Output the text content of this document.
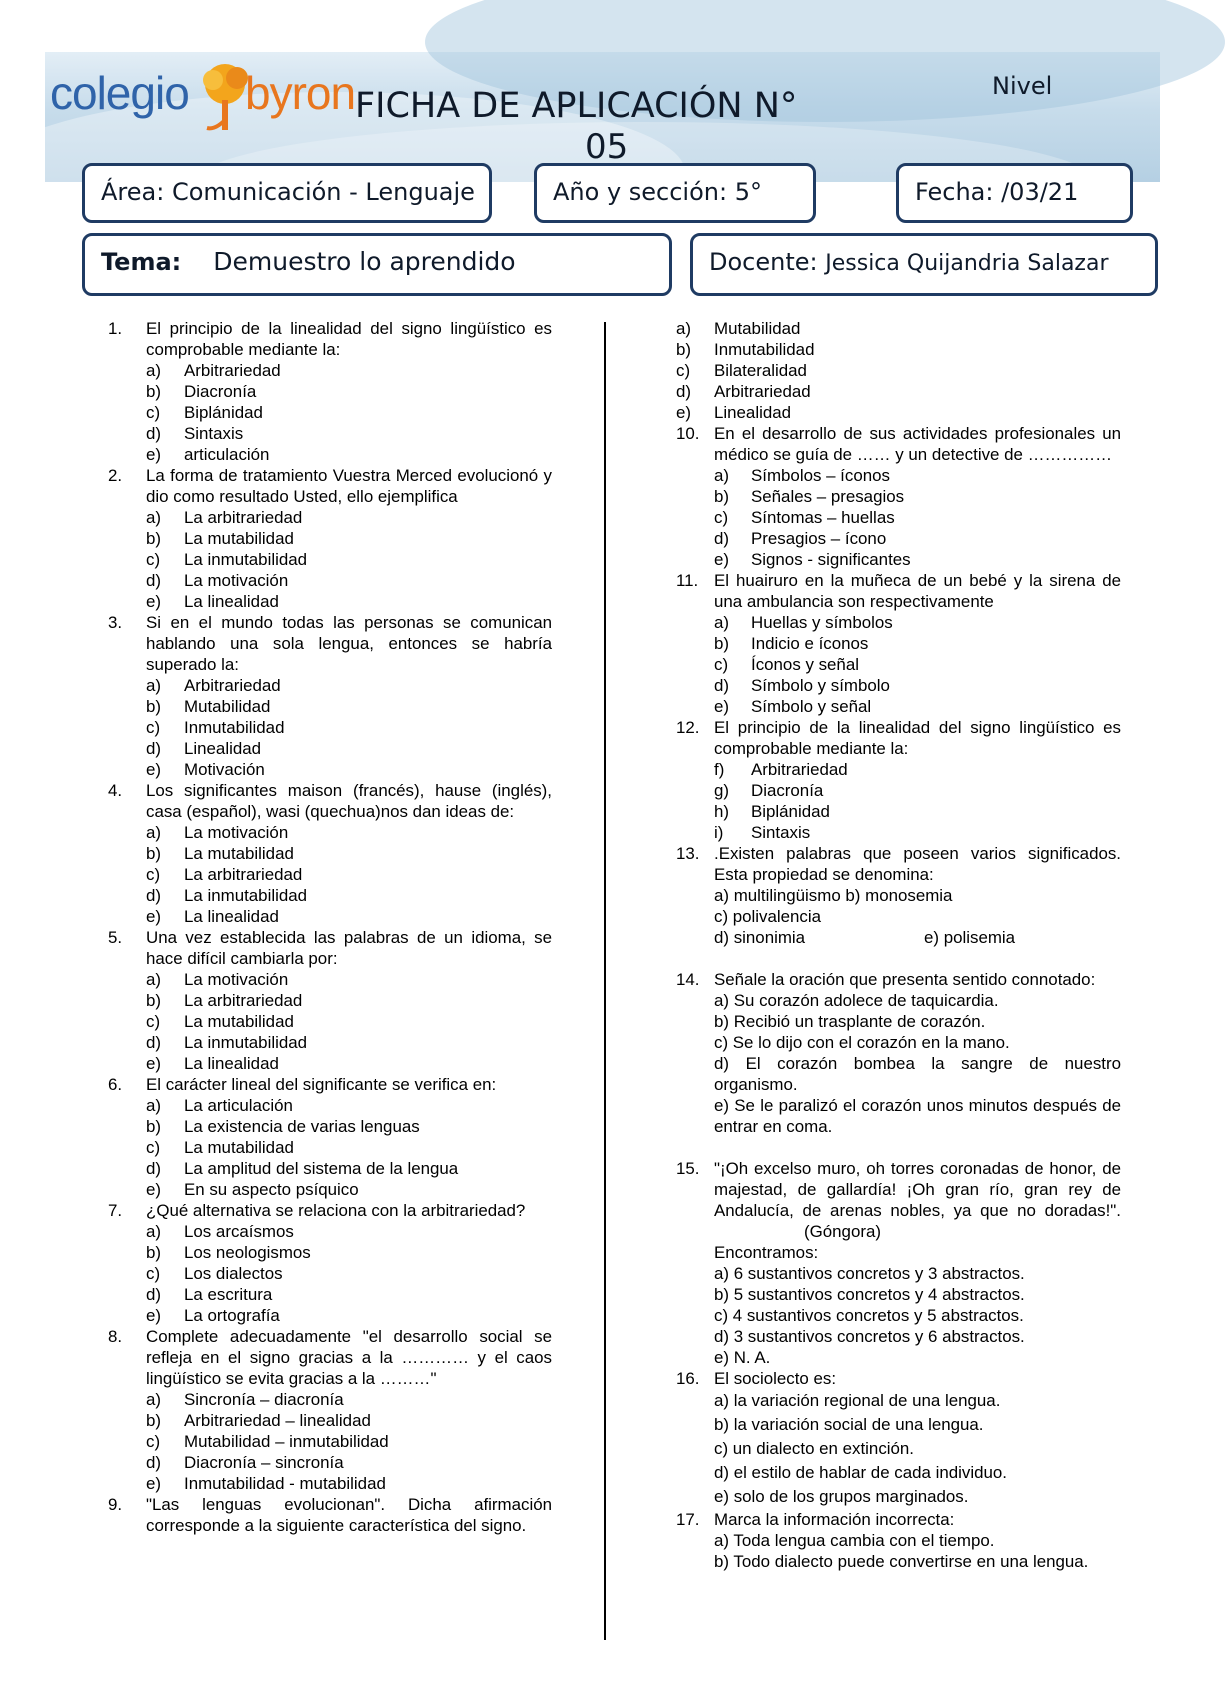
colegio byron FICHA DE APLICACIÓN N°	Nivel
Área: Comunicación - Lenguaje	Año y sección: 5°	Fecha: /03/21
Tema: Demuestro lo aprendido	Docente: Jessica Quijandria Salazar
1. El principio de la linealidad del signo lingüístico es comprobable mediante la:
a) Arbitrariedad
b) Diacronía
c) Biplánidad
d) Sintaxis
e) articulación
2. La forma de tratamiento Vuestra Merced evolucionó y dio como resultado Usted, ello ejemplifica
a) La arbitrariedad
b) La mutabilidad
c) La inmutabilidad
d) La motivación
e) La linealidad
3. Si en el mundo todas las personas se comunican hablando una sola lengua, entonces se habría superado la:
a) Arbitrariedad
b) Mutabilidad
c) Inmutabilidad
d) Linealidad
e) Motivación
4. Los significantes maison (francés), hause (inglés), casa (español), wasi (quechua)nos dan ideas de:
a) La motivación
b) La mutabilidad
c) La arbitrariedad
d) La inmutabilidad
e) La linealidad
5. Una vez establecida las palabras de un idioma, se hace difícil cambiarla por:
a) La motivación
b) La arbitrariedad
c) La mutabilidad
d) La inmutabilidad
e) La linealidad
6. El carácter lineal del significante se verifica en:
a) La articulación
b) La existencia de varias lenguas
c) La mutabilidad
d) La amplitud del sistema de la lengua
e) En su aspecto psíquico
7. ¿Qué alternativa se relaciona con la arbitrariedad?
a) Los arcaísmos
b) Los neologismos
c) Los dialectos
d) La escritura
e) La ortografía
8. Complete adecuadamente "el desarrollo social se refleja en el signo gracias a la ………… y el caos lingüístico se evita gracias a la ………"
a) Sincronía – diacronía
b) Arbitrariedad – linealidad
c) Mutabilidad – inmutabilidad
d) Diacronía – sincronía
e) Inmutabilidad - mutabilidad
9. "Las lenguas evolucionan". Dicha afirmación corresponde a la siguiente característica del signo.
a) Mutabilidad
b) Inmutabilidad
c) Bilateralidad
d) Arbitrariedad
e) Linealidad
10. En el desarrollo de sus actividades profesionales un médico se guía de …… y un detective de ……………
a) Símbolos – íconos
b) Señales – presagios
c) Síntomas – huellas
d) Presagios – ícono
e) Signos - significantes
11. El huairuro en la muñeca de un bebé y la sirena de una ambulancia son respectivamente
a) Huellas y símbolos
b) Indicio e íconos
c) Íconos y señal
d) Símbolo y símbolo
e) Símbolo y señal
12. El principio de la linealidad del signo lingüístico es comprobable mediante la:
f) Arbitrariedad
g) Diacronía
h) Biplánidad
i) Sintaxis
13. .Existen palabras que poseen varios significados. Esta propiedad se denomina:
a) multilingüismo b) monosemia
c) polivalencia
d) sinonimia	e) polisemia
14. Señale la oración que presenta sentido connotado:
a) Su corazón adolece de taquicardia.
b) Recibió un trasplante de corazón.
c) Se lo dijo con el corazón en la mano.
d) El corazón bombea la sangre de nuestro organismo.
e) Se le paralizó el corazón unos minutos después de entrar en coma.
15. "¡Oh excelso muro, oh torres coronadas de honor, de majestad, de gallardía! ¡Oh gran río, gran rey de Andalucía, de arenas nobles, ya que no doradas!".(Góngora)
Encontramos:
a) 6 sustantivos concretos y 3 abstractos.
b) 5 sustantivos concretos y 4 abstractos.
c) 4 sustantivos concretos y 5 abstractos.
d) 3 sustantivos concretos y 6 abstractos.
e) N. A.
16. El sociolecto es:
a) la variación regional de una lengua.
b) la variación social de una lengua.
c) un dialecto en extinción.
d) el estilo de hablar de cada individuo.
e) solo de los grupos marginados.
17. Marca la información incorrecta:
a) Toda lengua cambia con el tiempo.
b) Todo dialecto puede convertirse en una lengua.
